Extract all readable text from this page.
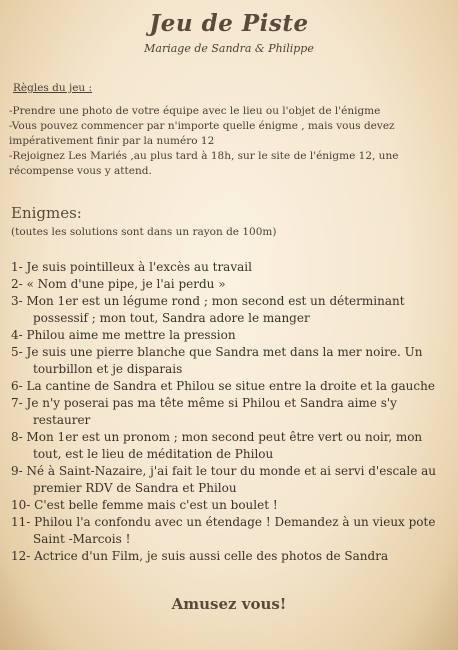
Jeu de Piste
Mariage de Sandra & Philippe
Règles du jeu :
-Prendre une photo de votre équipe avec le lieu ou l'objet de l'énigme
-Vous pouvez commencer par n'importe quelle énigme , mais vous devez impérativement finir par la numéro 12
-Rejoignez Les Mariés ,au plus tard à 18h, sur le site de l'énigme 12, une récompense vous y attend.
Enigmes:
(toutes les solutions sont dans un rayon de 100m)
1- Je suis pointilleux à l'excès au travail
2- « Nom d'une pipe, je l'ai perdu »
3- Mon 1er est un légume rond ; mon second est un déterminant possessif ; mon tout, Sandra adore le manger
4- Philou aime me mettre la pression
5- Je suis une pierre blanche que Sandra met dans la mer noire. Un tourbillon et je disparais
6- La cantine de Sandra et Philou se situe entre la droite et la gauche
7- Je n'y poserai pas ma tête même si Philou et Sandra aime s'y restaurer
8- Mon 1er est un pronom ; mon second peut être vert ou noir, mon tout, est le lieu de méditation de Philou
9- Né à Saint-Nazaire, j'ai fait le tour du monde et ai servi d'escale au premier RDV de Sandra et Philou
10- C'est belle femme mais c'est un boulet !
11- Philou l'a confondu avec un étendage ! Demandez à un vieux pote Saint -Marcois !
12- Actrice d'un Film, je suis aussi celle des photos de Sandra
Amusez vous!
